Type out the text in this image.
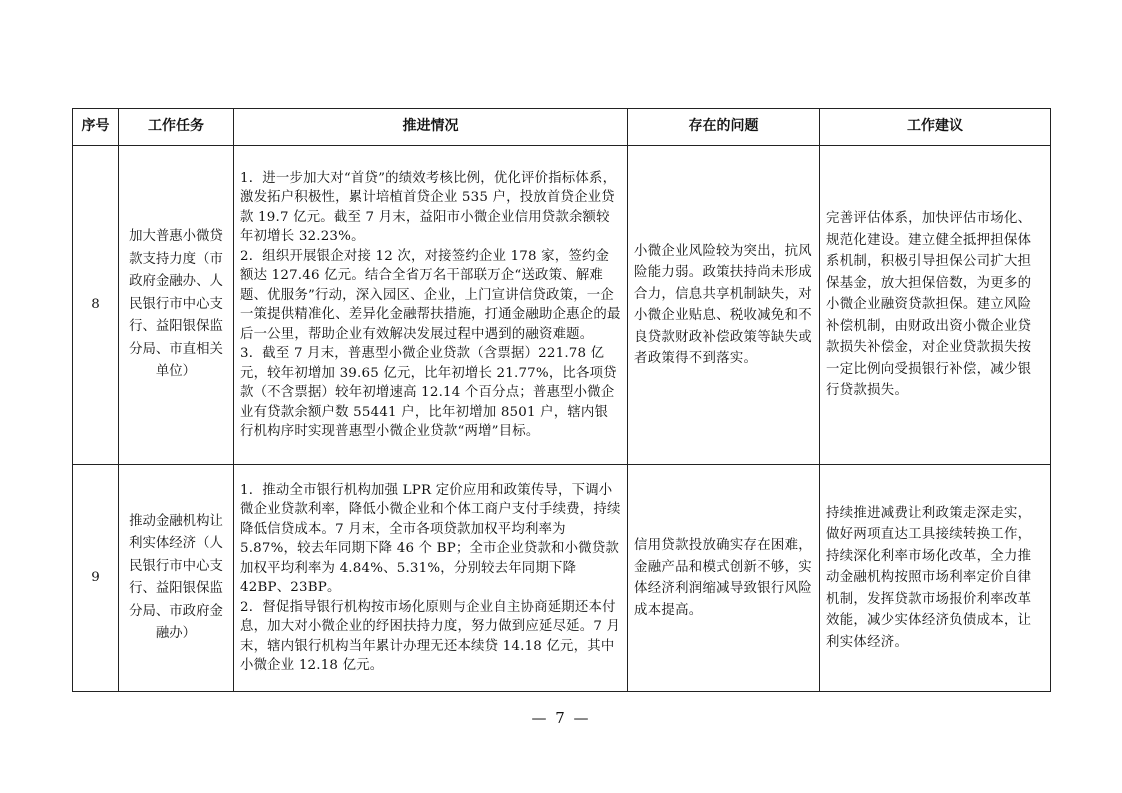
序号	工作任务	推进情况	存在的问题	工作建议
8	加大普惠小微贷款支持力度（市政府金融办、人民银行市中心支行、益阳银保监分局、市直相关单位）	1．进一步加大对“首贷”的绩效考核比例，优化评价指标体系，激发拓户积极性，累计培植首贷企业 535 户，投放首贷企业贷款 19.7 亿元。截至 7 月末，益阳市小微企业信用贷款余额较年初增长 32.23%。
2．组织开展银企对接 12 次，对接签约企业 178 家，签约金额达 127.46 亿元。结合全省万名干部联万企“送政策、解难题、优服务”行动，深入园区、企业，上门宣讲信贷政策，一企一策提供精准化、差异化金融帮扶措施，打通金融助企惠企的最后一公里，帮助企业有效解决发展过程中遇到的融资难题。
3．截至 7 月末，普惠型小微企业贷款（含票据）221.78 亿元，较年初增加 39.65 亿元，比年初增长 21.77%，比各项贷款（不含票据）较年初增速高 12.14 个百分点；普惠型小微企业有贷款余额户数 55441 户，比年初增加 8501 户，辖内银行机构序时实现普惠型小微企业贷款“两增”目标。	小微企业风险较为突出，抗风险能力弱。政策扶持尚未形成合力，信息共享机制缺失，对小微企业贴息、税收减免和不良贷款财政补偿政策等缺失或者政策得不到落实。	完善评估体系，加快评估市场化、规范化建设。建立健全抵押担保体系机制，积极引导担保公司扩大担保基金，放大担保倍数，为更多的小微企业融资贷款担保。建立风险补偿机制，由财政出资小微企业贷款损失补偿金，对企业贷款损失按一定比例向受损银行补偿，减少银行贷款损失。
9	推动金融机构让利实体经济（人民银行市中心支行、益阳银保监分局、市政府金融办）	1．推动全市银行机构加强 LPR 定价应用和政策传导，下调小微企业贷款利率，降低小微企业和个体工商户支付手续费，持续降低信贷成本。7 月末，全市各项贷款加权平均利率为 5.87%，较去年同期下降 46 个 BP；全市企业贷款和小微贷款加权平均利率为 4.84%、5.31%，分别较去年同期下降 42BP、23BP。
2．督促指导银行机构按市场化原则与企业自主协商延期还本付息，加大对小微企业的纾困扶持力度，努力做到应延尽延。7 月末，辖内银行机构当年累计办理无还本续贷 14.18 亿元，其中小微企业 12.18 亿元。	信用贷款投放确实存在困难，金融产品和模式创新不够，实体经济利润缩减导致银行风险成本提高。	持续推进减费让利政策走深走实，做好两项直达工具接续转换工作，持续深化利率市场化改革，全力推动金融机构按照市场利率定价自律机制，发挥贷款市场报价利率改革效能，减少实体经济负债成本，让利实体经济。
— 7 —
